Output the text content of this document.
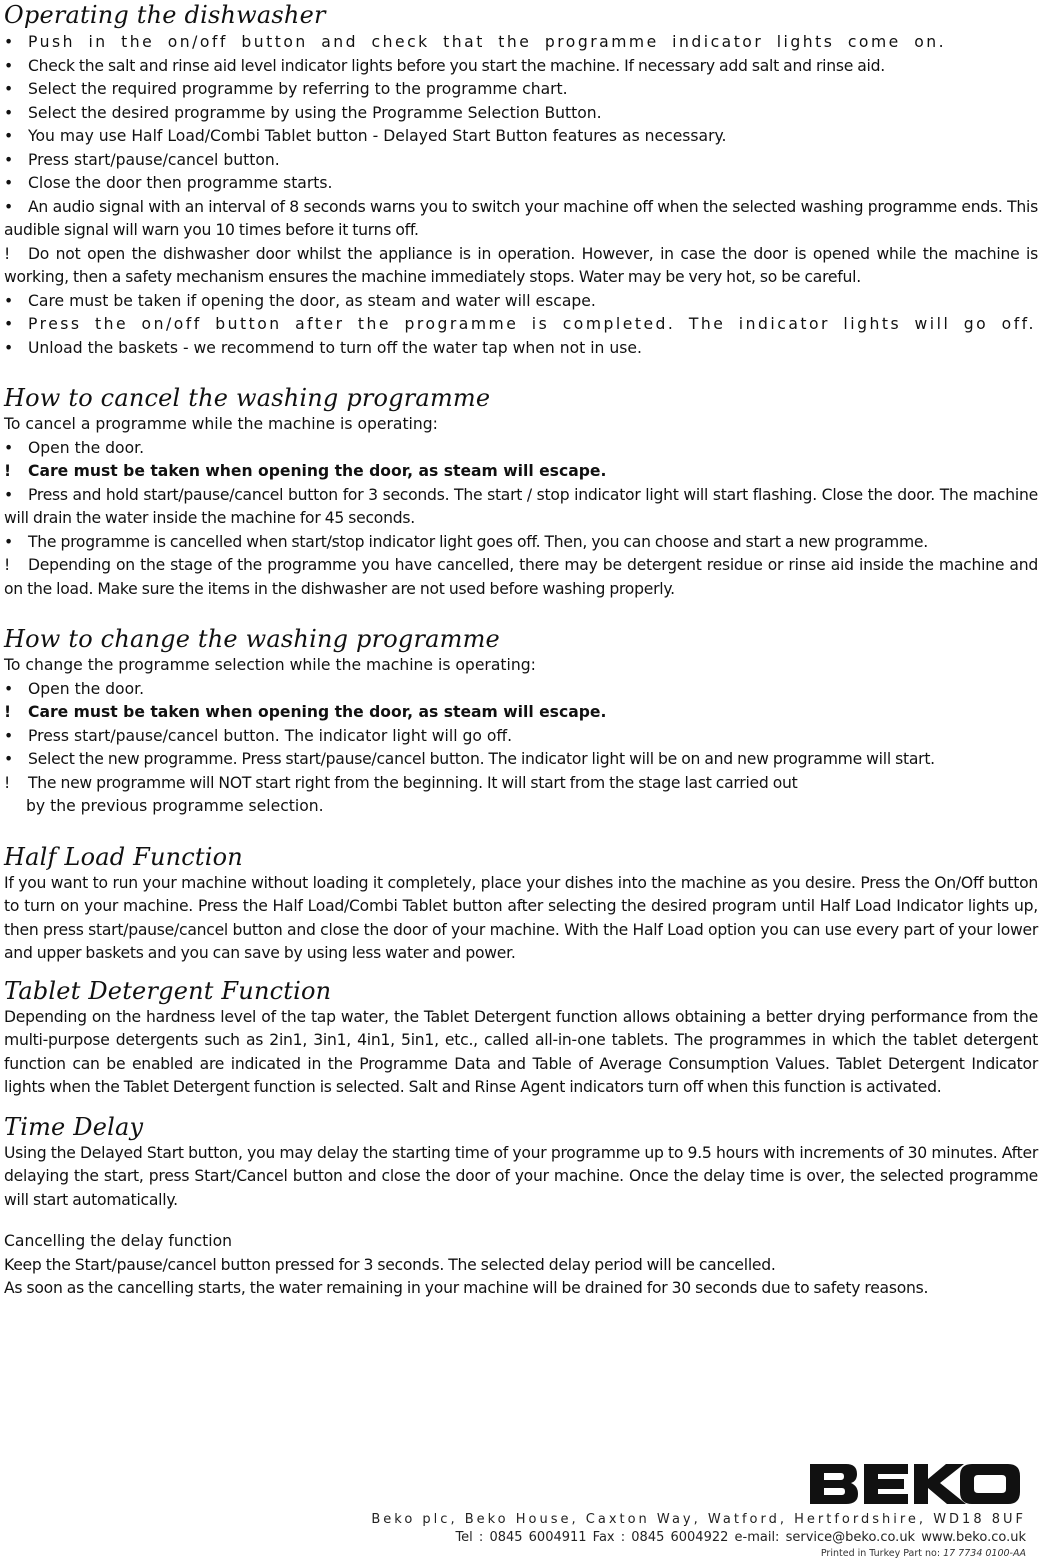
Operating the dishwasher

• Push in the on/off button and check that the programme indicator lights come on.

• Check the salt and rinse aid level indicator lights before you start the machine. If necessary add salt and rinse aid.

• Select the required programme by referring to the programme chart.

• Select the desired programme by using the Programme Selection Button.

• You may use Half Load/Combi Tablet button - Delayed Start Button features as necessary.

• Press start/pause/cancel button.

• Close the door then programme starts.

• An audio signal with an interval of 8 seconds warns you to switch your machine off when the selected washing programme ends. This audible signal will warn you 10 times before it turns off.

! Do not open the dishwasher door whilst the appliance is in operation. However, in case the door is opened while the machine is working, then a safety mechanism ensures the machine immediately stops. Water may be very hot, so be careful.

• Care must be taken if opening the door, as steam and water will escape.

• Press the on/off button after the programme is completed. The indicator lights will go off.

• Unload the baskets - we recommend to turn off the water tap when not in use.

How to cancel the washing programme

To cancel a programme while the machine is operating:

• Open the door.

! Care must be taken when opening the door, as steam will escape.

• Press and hold start/pause/cancel button for 3 seconds. The start / stop indicator light will start flashing. Close the door. The machine will drain the water inside the machine for 45 seconds.

• The programme is cancelled when start/stop indicator light goes off. Then, you can choose and start a new programme.

! Depending on the stage of the programme you have cancelled, there may be detergent residue or rinse aid inside the machine and on the load. Make sure the items in the dishwasher are not used before washing properly.

How to change the washing programme

To change the programme selection while the machine is operating:

• Open the door.

! Care must be taken when opening the door, as steam will escape.

• Press start/pause/cancel button. The indicator light will go off.

• Select the new programme. Press start/pause/cancel button. The indicator light will be on and new programme will start.

! The new programme will NOT start right from the beginning. It will start from the stage last carried out

by the previous programme selection.

Half Load Function

If you want to run your machine without loading it completely, place your dishes into the machine as you desire. Press the On/Off button to turn on your machine. Press the Half Load/Combi Tablet button after selecting the desired program until Half Load Indicator lights up, then press start/pause/cancel button and close the door of your machine. With the Half Load option you can use every part of your lower and upper baskets and you can save by using less water and power.

Tablet Detergent Function

Depending on the hardness level of the tap water, the Tablet Detergent function allows obtaining a better drying performance from the multi-purpose detergents such as 2in1, 3in1, 4in1, 5in1, etc., called all-in-one tablets. The programmes in which the tablet detergent function can be enabled are indicated in the Programme Data and Table of Average Consumption Values. Tablet Detergent Indicator lights when the Tablet Detergent function is selected. Salt and Rinse Agent indicators turn off when this function is activated.

Time Delay

Using the Delayed Start button, you may delay the starting time of your programme up to 9.5 hours with increments of 30 minutes. After delaying the start, press Start/Cancel button and close the door of your machine. Once the delay time is over, the selected programme will start automatically.

Cancelling the delay function

Keep the Start/pause/cancel button pressed for 3 seconds. The selected delay period will be cancelled.

As soon as the cancelling starts, the water remaining in your machine will be drained for 30 seconds due to safety reasons.

Beko plc, Beko House, Caxton Way, Watford, Hertfordshire, WD18 8UF
Tel : 0845 6004911 Fax : 0845 6004922 e-mail: service@beko.co.uk www.beko.co.uk
Printed in Turkey Part no: 17 7734 0100-AA
